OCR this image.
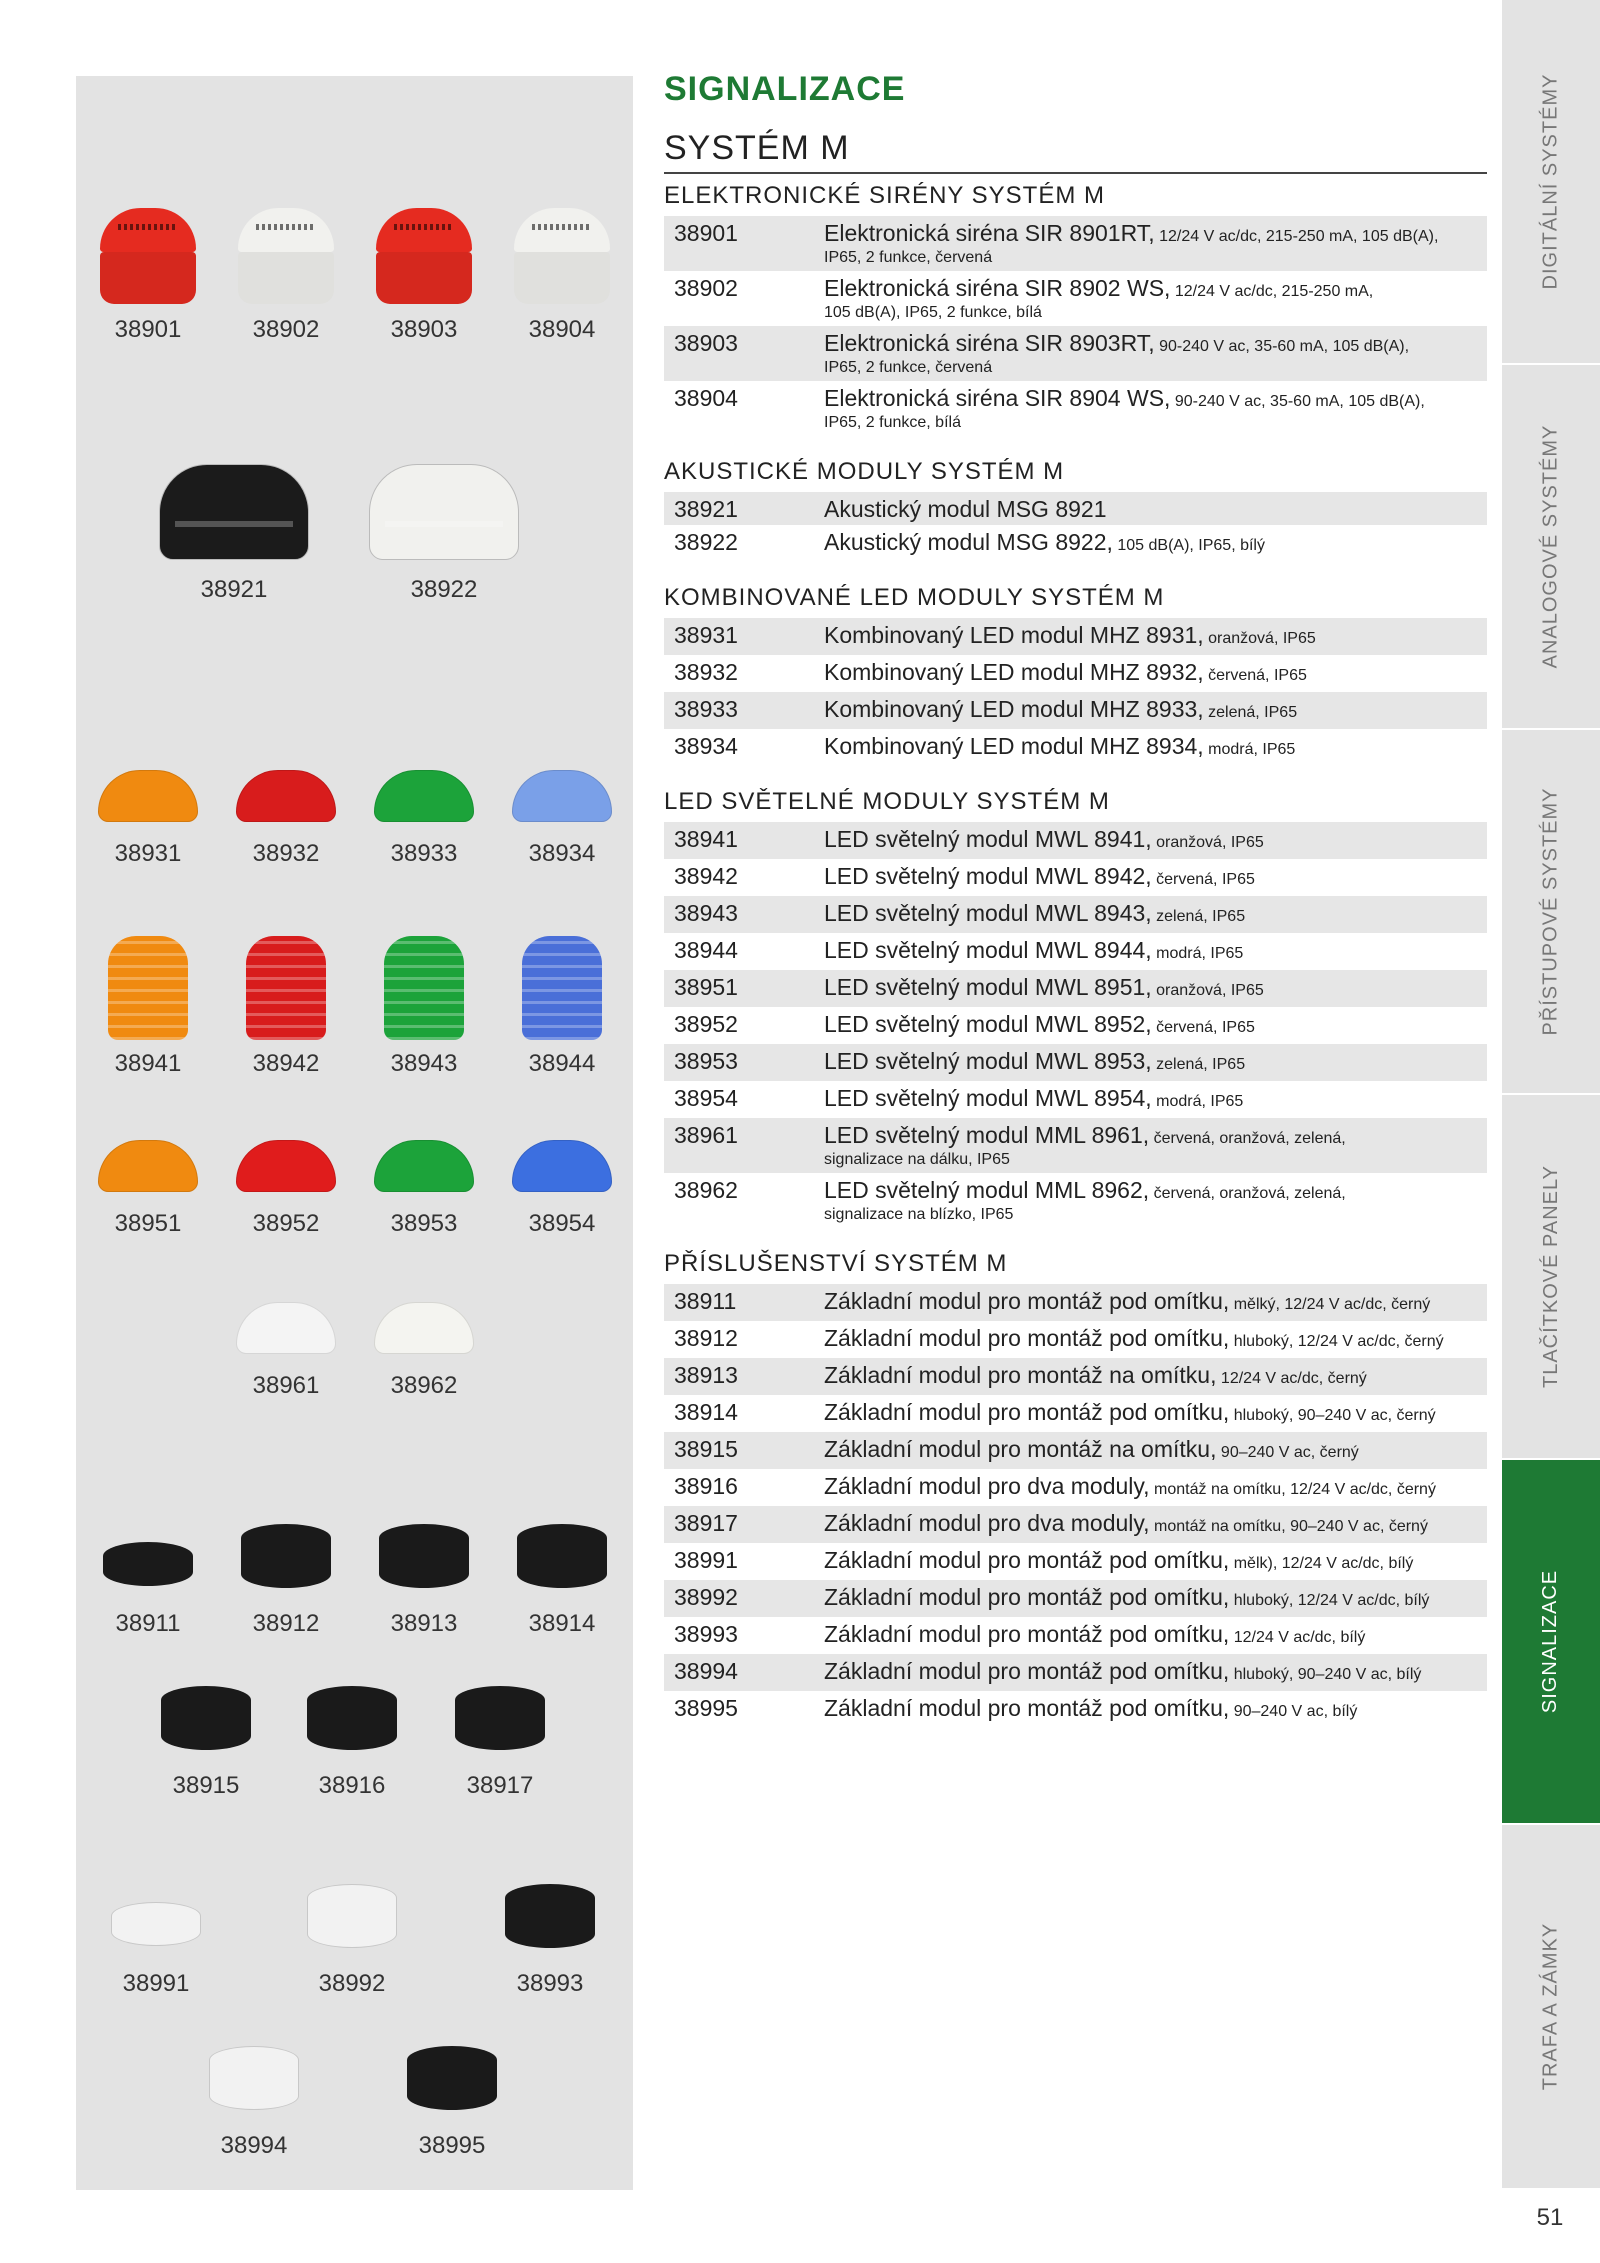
38901	38902	38903	38904
38921	38922
38931	38932	38933	38934
38941	38942	38943	38944
38951	38952	38953	38954
38961	38962
38911	38912	38913	38914
38915	38916	38917
38991	38992	38993
38994	38995
SIGNALIZACE
SYSTÉM M
ELEKTRONICKÉ SIRÉNY SYSTÉM M
38901	Elektronická siréna SIR 8901RT, 12/24 V ac/dc, 215-250 mA, 105 dB(A),
IP65, 2 funkce, červená

38902	Elektronická siréna SIR 8902 WS, 12/24 V ac/dc, 215-250 mA,
105 dB(A), IP65, 2 funkce, bílá

38903	Elektronická siréna SIR 8903RT, 90-240 V ac, 35-60 mA, 105 dB(A),
IP65, 2 funkce, červená

38904	Elektronická siréna SIR 8904 WS, 90-240 V ac, 35-60 mA, 105 dB(A),
IP65, 2 funkce, bílá
AKUSTICKÉ MODULY SYSTÉM M
38921	Akustický modul MSG 8921
38922	Akustický modul MSG 8922, 105 dB(A), IP65, bílý
KOMBINOVANÉ LED MODULY SYSTÉM M
38931	Kombinovaný LED modul MHZ 8931, oranžová, IP65
38932	Kombinovaný LED modul MHZ 8932, červená, IP65
38933	Kombinovaný LED modul MHZ 8933, zelená, IP65
38934	Kombinovaný LED modul MHZ 8934, modrá, IP65
LED SVĚTELNÉ MODULY SYSTÉM M
38941	LED světelný modul MWL 8941, oranžová, IP65
38942	LED světelný modul MWL 8942, červená, IP65
38943	LED světelný modul MWL 8943, zelená, IP65
38944	LED světelný modul MWL 8944, modrá, IP65
38951	LED světelný modul MWL 8951, oranžová, IP65
38952	LED světelný modul MWL 8952, červená, IP65
38953	LED světelný modul MWL 8953, zelená, IP65
38954	LED světelný modul MWL 8954, modrá, IP65
38961	LED světelný modul MML 8961, červená, oranžová, zelená,
signalizace na dálku, IP65

38962	LED světelný modul MML 8962, červená, oranžová, zelená,
signalizace na blízko, IP65
PŘÍSLUŠENSTVÍ SYSTÉM M
38911	Základní modul pro montáž pod omítku, mělký, 12/24 V ac/dc, černý
38912	Základní modul pro montáž pod omítku, hluboký, 12/24 V ac/dc, černý
38913	Základní modul pro montáž na omítku, 12/24 V ac/dc, černý
38914	Základní modul pro montáž pod omítku, hluboký, 90–240 V ac, černý
38915	Základní modul pro montáž na omítku, 90–240 V ac, černý
38916	Základní modul pro dva moduly, montáž na omítku, 12/24 V ac/dc, černý
38917	Základní modul pro dva moduly, montáž na omítku, 90–240 V ac, černý
38991	Základní modul pro montáž pod omítku, mělk), 12/24 V ac/dc, bílý
38992	Základní modul pro montáž pod omítku, hluboký, 12/24 V ac/dc, bílý
38993	Základní modul pro montáž pod omítku, 12/24 V ac/dc, bílý
38994	Základní modul pro montáž pod omítku, hluboký, 90–240 V ac, bílý
38995	Základní modul pro montáž pod omítku, 90–240 V ac, bílý
DIGITÁLNÍ SYSTÉMY
ANALOGOVÉ SYSTÉMY
PŘÍSTUPOVÉ SYSTÉMY
TLAČÍTKOVÉ PANELY
SIGNALIZACE
TRAFA A ZÁMKY
51
